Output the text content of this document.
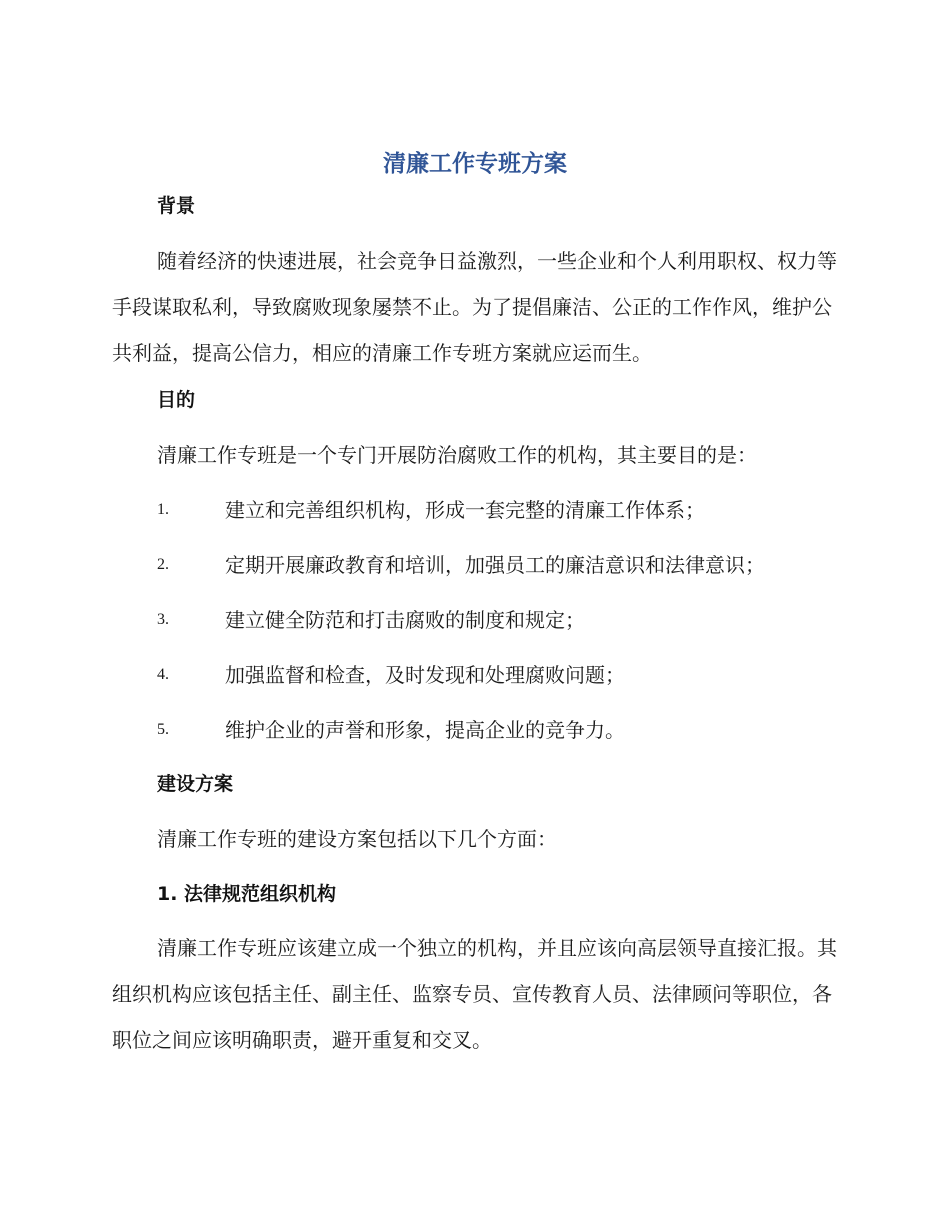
清廉工作专班方案
背景

随着经济的快速进展，社会竞争日益激烈，一些企业和个人利用职权、权力等手段谋取私利，导致腐败现象屡禁不止。为了提倡廉洁、公正的工作作风，维护公共利益，提高公信力，相应的清廉工作专班方案就应运而生。

目的

清廉工作专班是一个专门开展防治腐败工作的机构，其主要目的是：

1.	建立和完善组织机构，形成一套完整的清廉工作体系；
2.	定期开展廉政教育和培训，加强员工的廉洁意识和法律意识；
3.	建立健全防范和打击腐败的制度和规定；
4.	加强监督和检查，及时发现和处理腐败问题；
5.	维护企业的声誉和形象，提高企业的竞争力。
建设方案

清廉工作专班的建设方案包括以下几个方面：

1. 法律规范组织机构

清廉工作专班应该建立成一个独立的机构，并且应该向高层领导直接汇报。其组织机构应该包括主任、副主任、监察专员、宣传教育人员、法律顾问等职位，各职位之间应该明确职责，避开重复和交叉。
